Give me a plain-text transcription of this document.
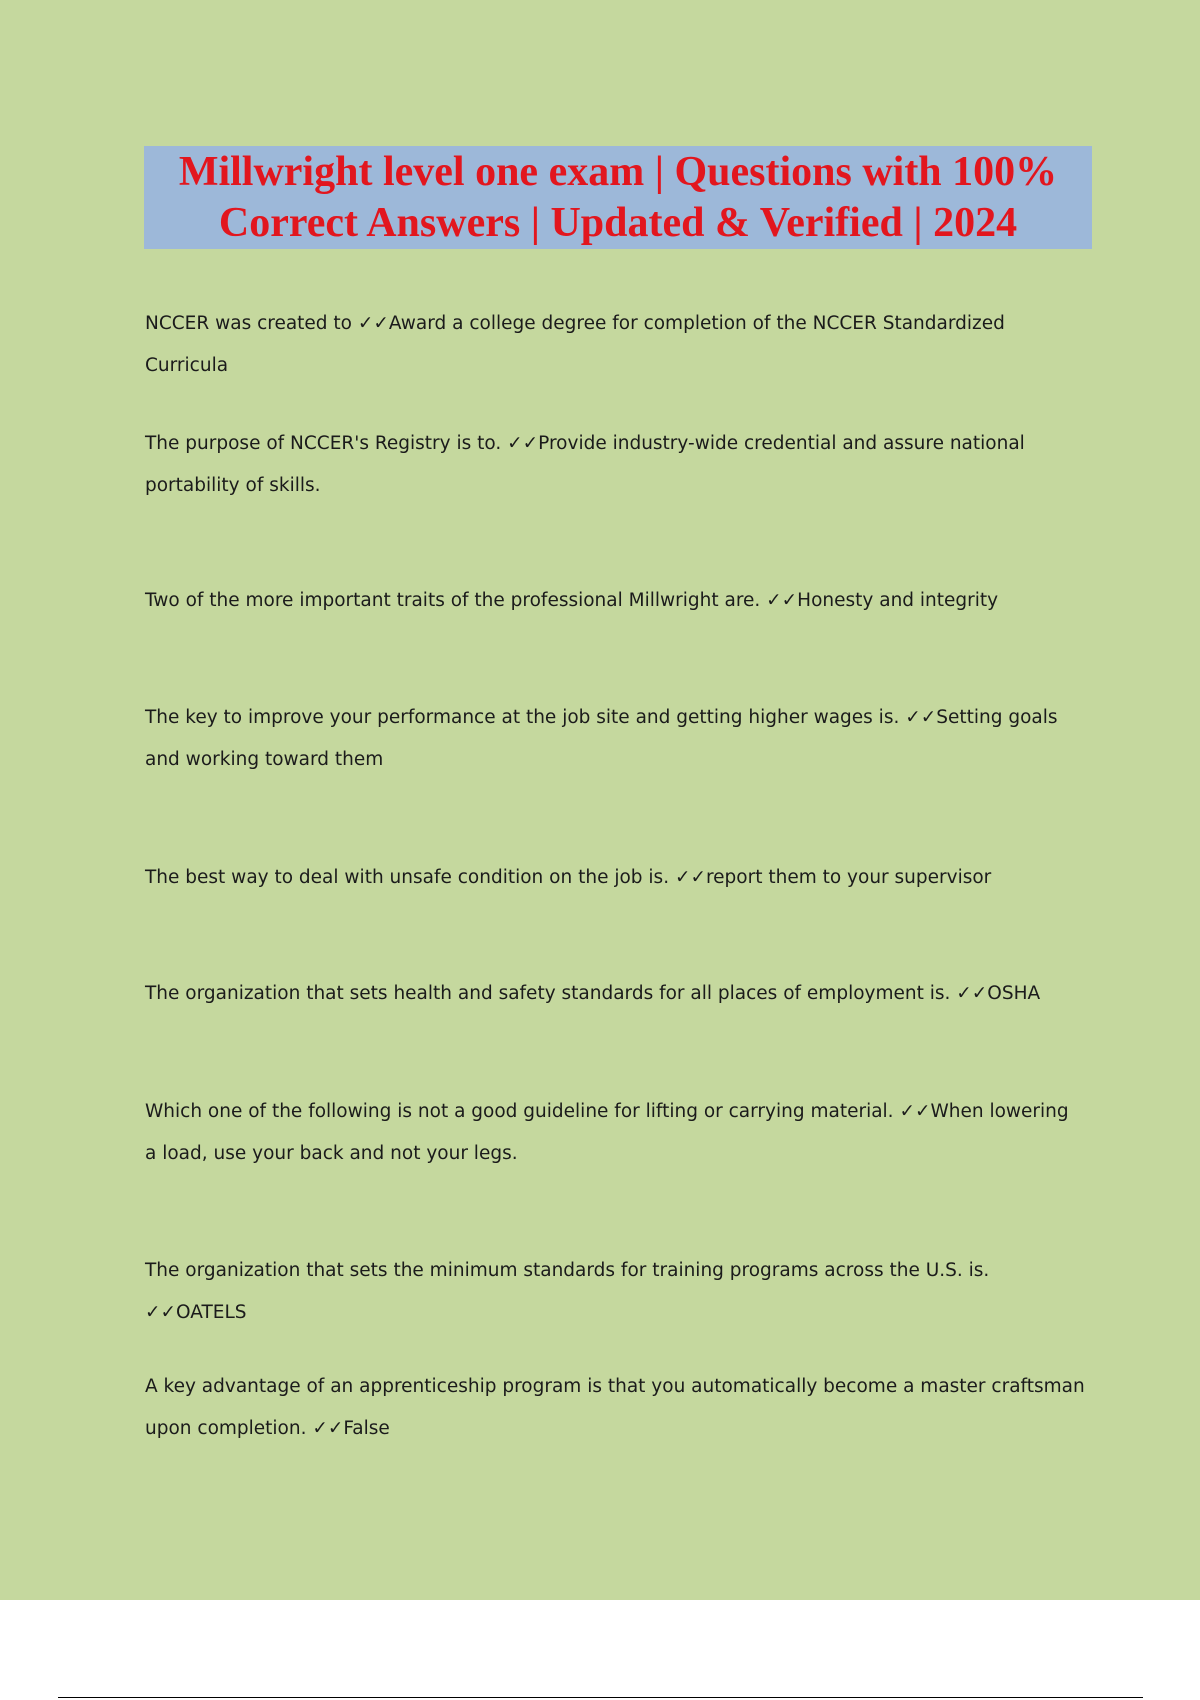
Millwright level one exam | Questions with 100% Correct Answers | Updated & Verified | 2024

NCCER was created to ✓✓Award a college degree for completion of the NCCER Standardized Curricula

The purpose of NCCER's Registry is to. ✓✓Provide industry-wide credential and assure national portability of skills.

Two of the more important traits of the professional Millwright are. ✓✓Honesty and integrity

The key to improve your performance at the job site and getting higher wages is. ✓✓Setting goals and working toward them

The best way to deal with unsafe condition on the job is. ✓✓report them to your supervisor

The organization that sets health and safety standards for all places of employment is. ✓✓OSHA

Which one of the following is not a good guideline for lifting or carrying material. ✓✓When lowering a load, use your back and not your legs.

The organization that sets the minimum standards for training programs across the U.S. is. ✓✓OATELS

A key advantage of an apprenticeship program is that you automatically become a master craftsman upon completion. ✓✓False
